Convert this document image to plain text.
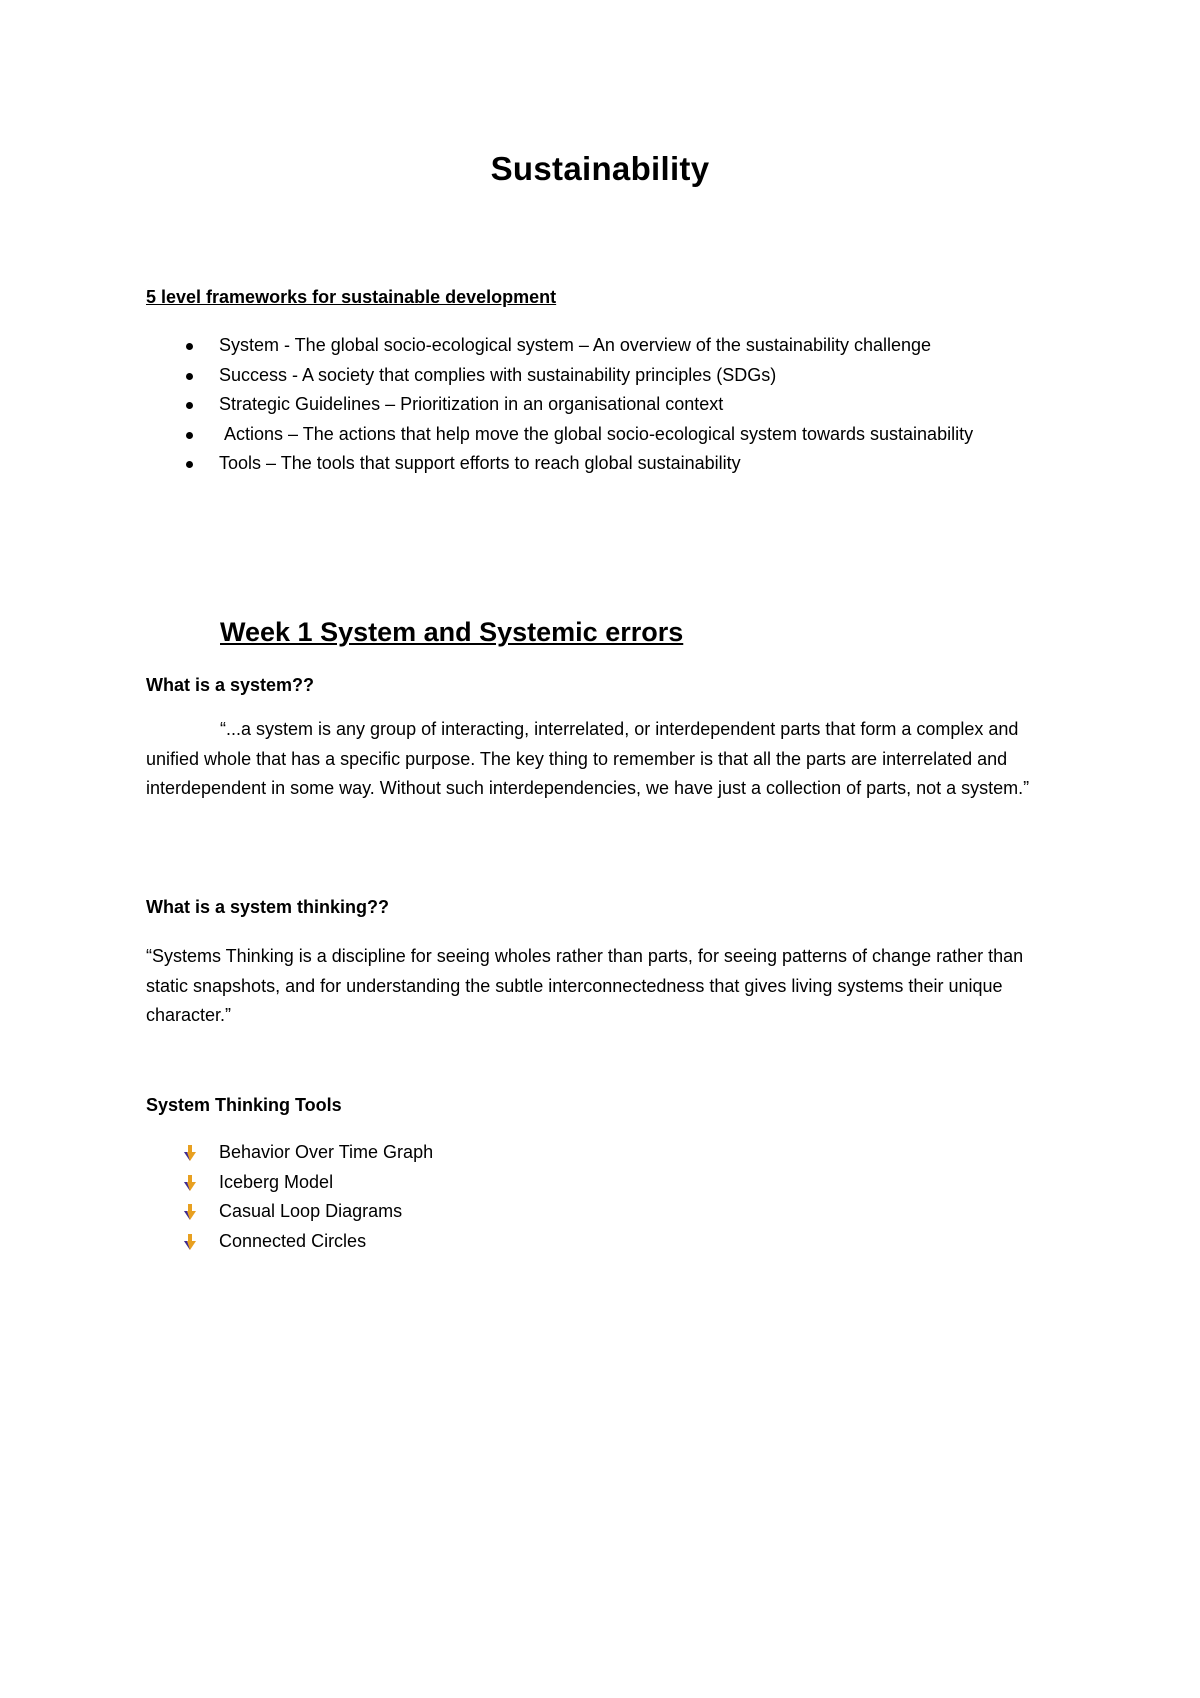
Sustainability
5 level frameworks for sustainable development
System - The global socio-ecological system – An overview of the sustainability challenge
Success - A society that complies with sustainability principles (SDGs)
Strategic Guidelines – Prioritization in an organisational context
Actions – The actions that help move the global socio-ecological system towards sustainability
Tools – The tools that support efforts to reach global sustainability
Week 1 System and Systemic errors
What is a system??

“...a system is any group of interacting, interrelated, or interdependent parts that form a complex and unified whole that has a specific purpose. The key thing to remember is that all the parts are interrelated and interdependent in some way. Without such interdependencies, we have just a collection of parts, not a system.”

What is a system thinking??

“Systems Thinking is a discipline for seeing wholes rather than parts, for seeing patterns of change rather than static snapshots, and for understanding the subtle interconnectedness that gives living systems their unique character.”

System Thinking Tools
Behavior Over Time Graph
Iceberg Model
Casual Loop Diagrams
Connected Circles
